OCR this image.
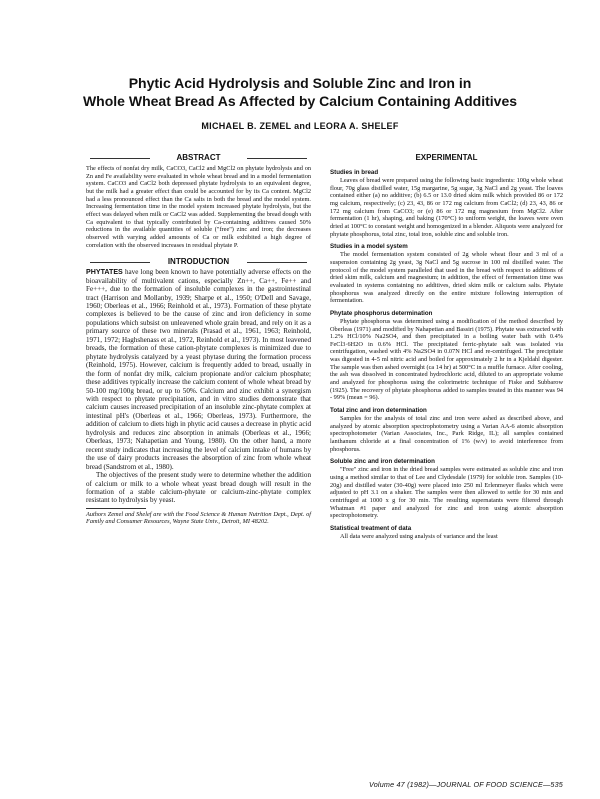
Phytic Acid Hydrolysis and Soluble Zinc and Iron in
Whole Wheat Bread As Affected by Calcium Containing Additives
MICHAEL B. ZEMEL and LEORA A. SHELEF
ABSTRACT

The effects of nonfat dry milk, CaCO3, CaCl2 and MgCl2 on phytate hydrolysis and on Zn and Fe availability were evaluated in whole wheat bread and in a model fermentation system. CaCO3 and CaCl2 both depressed phytate hydrolysis to an equivalent degree, but the milk had a greater effect than could be accounted for by its Ca content. MgCl2 had a less pronounced effect than the Ca salts in both the bread and the model system. Increasing fermentation time in the model system increased phytate hydrolysis, but the effect was delayed when milk or CaCl2 was added. Supplementing the bread dough with Ca equivalent to that typically contributed by Ca-containing additives caused 50% reductions in the available quantities of soluble ("free") zinc and iron; the decreases observed with varying added amounts of Ca or milk exhibited a high degree of correlation with the observed increases in residual phytate P.

INTRODUCTION

PHYTATES have long been known to have potentially adverse effects on the bioavailability of multivalent cations, especially Zn++, Ca++, Fe++ and Fe+++, due to the formation of insoluble complexes in the gastrointestinal tract (Harrison and Mollanby, 1939; Sharpe et al., 1950; O'Dell and Savage, 1960; Oberleas et al., 1966; Reinhold et al., 1973). Formation of these phytate complexes is believed to be the cause of zinc and iron deficiency in some populations which subsist on unleavened whole grain bread, and rely on it as a primary source of these two minerals (Prasad et al., 1961, 1963; Reinhold, 1971, 1972; Haghshenass et al., 1972, Reinhold et al., 1973). In most leavened breads, the formation of these cation-phytate complexes is minimized due to phytate hydrolysis catalyzed by a yeast phytase during the formation process (Reinhold, 1975). However, calcium is frequently added to bread, usually in the form of nonfat dry milk, calcium propionate and/or calcium phosphate; these additives typically increase the calcium content of whole wheat bread by 50-100 mg/100g bread, or up to 50%. Calcium and zinc exhibit a synergism with respect to phytate precipitation, and in vitro studies demonstrate that calcium causes increased precipitation of an insoluble zinc-phytate complex at intestinal pH's (Oberleas et al., 1966; Oberleas, 1973). Furthermore, the addition of calcium to diets high in phytic acid causes a decrease in phytic acid hydrolysis and reduces zinc absorption in animals (Oberleas et al., 1966; Oberleas, 1973; Nahapetian and Young, 1980). On the other hand, a more recent study indicates that increasing the level of calcium intake of humans by the use of dairy products increases the absorption of zinc from whole wheat bread (Sandstrom et al., 1980).

The objectives of the present study were to determine whether the addition of calcium or milk to a whole wheat yeast bread dough will result in the formation of a stable calcium-phytate or calcium-zinc-phytate complex resistant to hydrolysis by yeast.

Authors Zemel and Shelef are with the Food Science & Human Nutrition Dept., Dept. of Family and Consumer Resources, Wayne State Univ., Detroit, MI 48202.

EXPERIMENTAL
Studies in bread

Leaves of bread were prepared using the following basic ingredients: 100g whole wheat flour, 70g glass distilled water, 15g margarine, 5g sugar, 3g NaCl and 2g yeast. The loaves contained either (a) no additive; (b) 6.5 or 13.0 dried skim milk which provided 86 or 172 mg calcium, respectively; (c) 23, 43, 86 or 172 mg calcium from CaCl2; (d) 23, 43, 86 or 172 mg calcium from CaCO3; or (e) 86 or 172 mg magnesium from MgCl2. After fermentation (1 hr), shaping, and baking (170°C) to uniform weight, the loaves were oven dried at 100°C to constant weight and homogenized in a blender. Aliquots were analyzed for phytate phosphorus, total zinc, total iron, soluble zinc and soluble iron.

Studies in a model system

The model fermentation system consisted of 2g whole wheat flour and 3 ml of a suspension containing 2g yeast, 3g NaCl and 5g sucrose in 100 ml distilled water. The protocol of the model system paralleled that used in the bread with respect to additions of dried skim milk, calcium and magnesium; in addition, the effect of fermentation time was evaluated in systems containing no additives, dried skim milk or calcium salts. Phytate phosphorus was analyzed directly on the entire mixture following interruption of fermentation.

Phytate phosphorus determination

Phytate phosphorus was determined using a modification of the method described by Oberleas (1971) and modified by Nahapetian and Bassiri (1975). Phytate was extracted with 1.2% HCl/10% Na2SO4, and then precipitated in a boiling water bath with 0.4% FeCl3·6H2O in 0.6% HCl. The precipitated ferric-phytate salt was isolated via centrifugation, washed with 4% Na2SO4 in 0.07N HCl and re-centrifuged. The precipitate was digested in 4-5 ml nitric acid and boiled for approximately 2 hr in a Kjeldahl digester. The sample was then ashed overnight (ca 14 hr) at 500°C in a muffle furnace. After cooling, the ash was dissolved in concentrated hydrochloric acid, diluted to an appropriate volume and analyzed for phosphorus using the colorimetric technique of Fiske and Subbarow (1925). The recovery of phytate phosphorus added to samples treated in this manner was 94 - 99% (mean = 96).

Total zinc and iron determination

Samples for the analysis of total zinc and iron were ashed as described above, and analyzed by atomic absorption spectrophotometry using a Varian AA-6 atomic absorption spectrophotometer (Varian Associates, Inc., Park Ridge, IL); all samples contained lanthanum chloride at a final concentration of 1% (w/v) to avoid interference from phosphorus.

Soluble zinc and iron determination

"Free" zinc and iron in the dried bread samples were estimated as soluble zinc and iron using a method similar to that of Lee and Clydesdale (1979) for soluble iron. Samples (10-20g) and distilled water (30-40g) were placed into 250 ml Erlenmeyer flasks which were adjusted to pH 3.1 on a shaker. The samples were then allowed to settle for 30 min and centrifuged at 1000 x g for 30 min. The resulting supernatants were filtered through Whatman #1 paper and analyzed for zinc and iron using atomic absorption spectrophotometry.

Statistical treatment of data

All data were analyzed using analysis of variance and the least

Volume 47 (1982)—JOURNAL OF FOOD SCIENCE—535
